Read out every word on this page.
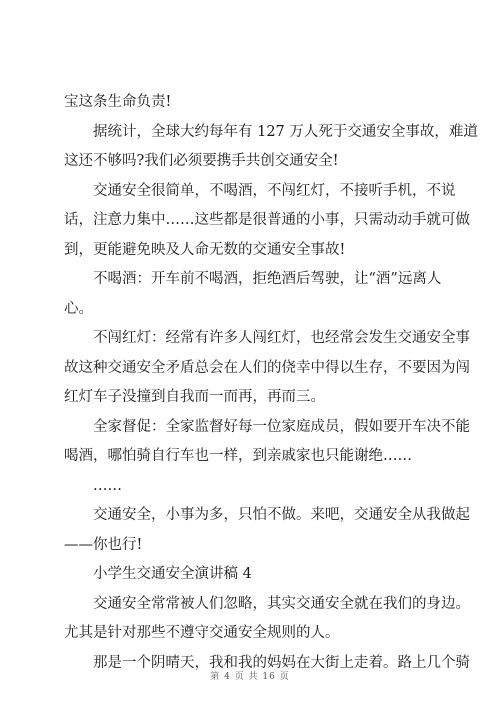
宝这条生命负责!
据统计，全球大约每年有 127 万人死于交通安全事故，难道
这还不够吗?我们必须要携手共创交通安全!
交通安全很简单，不喝酒，不闯红灯，不接听手机，不说
话，注意力集中……这些都是很普通的小事，只需动动手就可做
到，更能避免映及人命无数的交通安全事故!
不喝酒：开车前不喝酒，拒绝酒后驾驶，让“酒”远离人
心。
不闯红灯：经常有许多人闯红灯，也经常会发生交通安全事
故这种交通安全矛盾总会在人们的侥幸中得以生存，不要因为闯
红灯车子没撞到自我而一而再，再而三。
全家督促：全家监督好每一位家庭成员，假如要开车决不能
喝酒，哪怕骑自行车也一样，到亲戚家也只能谢绝……
……
交通安全，小事为多，只怕不做。来吧，交通安全从我做起
——你也行!
小学生交通安全演讲稿 4
交通安全常常被人们忽略，其实交通安全就在我们的身边。
尤其是针对那些不遵守交通安全规则的人。
那是一个阴晴天，我和我的妈妈在大街上走着。路上几个骑
第 4 页 共 16 页
